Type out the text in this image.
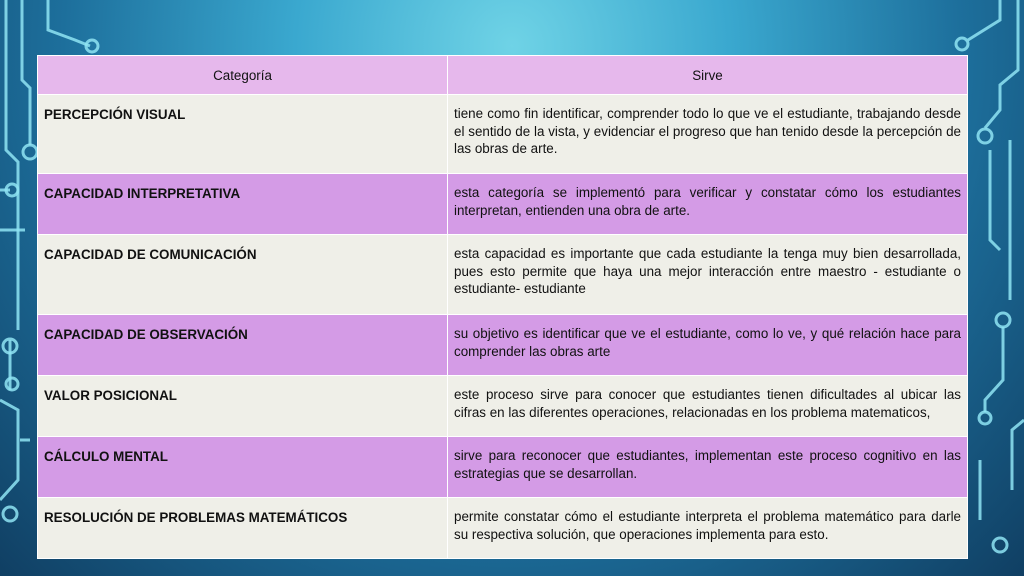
Categoría	Sirve
PERCEPCIÓN VISUAL	tiene como fin identificar, comprender todo lo que ve el estudiante, trabajando desde el sentido de la vista, y evidenciar el progreso que han tenido desde la percepción de las obras de arte.
CAPACIDAD INTERPRETATIVA	esta categoría se implementó para verificar y constatar cómo los estudiantes interpretan, entienden una obra de arte.
CAPACIDAD DE COMUNICACIÓN	esta capacidad es importante que cada estudiante la tenga muy bien desarrollada, pues esto permite que haya una mejor interacción entre maestro - estudiante o estudiante- estudiante
CAPACIDAD DE OBSERVACIÓN	su objetivo es identificar que ve el estudiante, como lo ve, y qué relación hace para comprender las obras arte
VALOR POSICIONAL	este proceso sirve para conocer que estudiantes tienen dificultades al ubicar las cifras en las diferentes operaciones, relacionadas en los problema matematicos,
CÁLCULO MENTAL	sirve para reconocer que estudiantes, implementan este proceso cognitivo en las estrategias que se desarrollan.
RESOLUCIÓN DE PROBLEMAS MATEMÁTICOS	permite constatar cómo el estudiante interpreta el problema matemático para darle su respectiva solución, que operaciones implementa para esto.
